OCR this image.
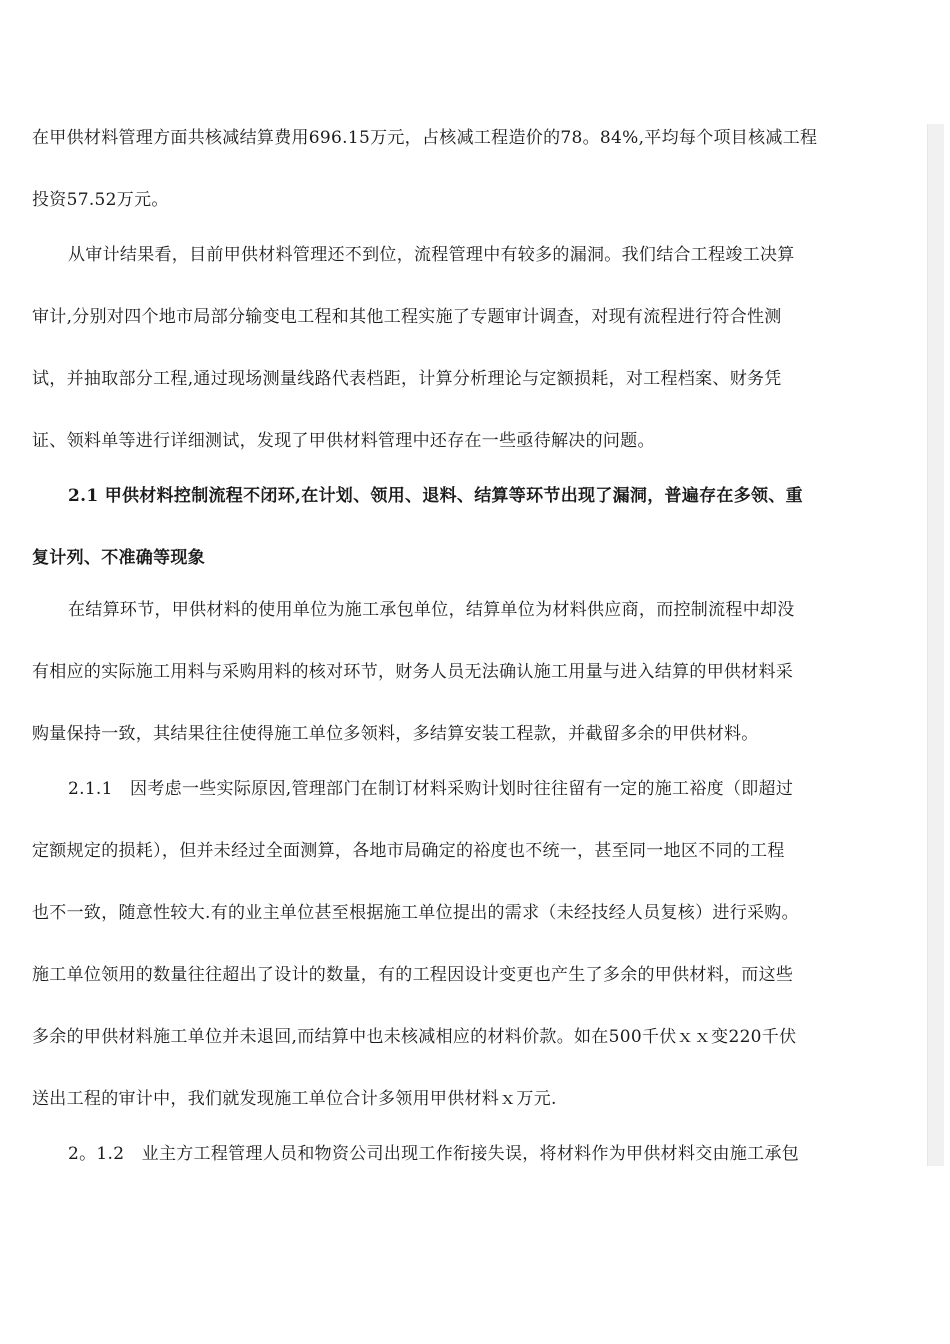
在甲供材料管理方面共核减结算费用696.15万元，占核减工程造价的78。84%,平均每个项目核减工程
投资57.52万元。
从审计结果看，目前甲供材料管理还不到位，流程管理中有较多的漏洞。我们结合工程竣工决算
审计,分别对四个地市局部分输变电工程和其他工程实施了专题审计调查，对现有流程进行符合性测
试，并抽取部分工程,通过现场测量线路代表档距，计算分析理论与定额损耗，对工程档案、财务凭
证、领料单等进行详细测试，发现了甲供材料管理中还存在一些亟待解决的问题。
2.1 甲供材料控制流程不闭环,在计划、领用、退料、结算等环节出现了漏洞，普遍存在多领、重
复计列、不准确等现象
在结算环节，甲供材料的使用单位为施工承包单位，结算单位为材料供应商，而控制流程中却没
有相应的实际施工用料与采购用料的核对环节，财务人员无法确认施工用量与进入结算的甲供材料采
购量保持一致，其结果往往使得施工单位多领料，多结算安装工程款，并截留多余的甲供材料。
2.1.1　因考虑一些实际原因,管理部门在制订材料采购计划时往往留有一定的施工裕度（即超过
定额规定的损耗），但并未经过全面测算，各地市局确定的裕度也不统一，甚至同一地区不同的工程
也不一致，随意性较大.有的业主单位甚至根据施工单位提出的需求（未经技经人员复核）进行采购。
施工单位领用的数量往往超出了设计的数量，有的工程因设计变更也产生了多余的甲供材料，而这些
多余的甲供材料施工单位并未退回,而结算中也未核减相应的材料价款。如在500千伏ｘｘ变220千伏
送出工程的审计中，我们就发现施工单位合计多领用甲供材料ｘ万元.
2。1.2　业主方工程管理人员和物资公司出现工作衔接失误，将材料作为甲供材料交由施工承包
